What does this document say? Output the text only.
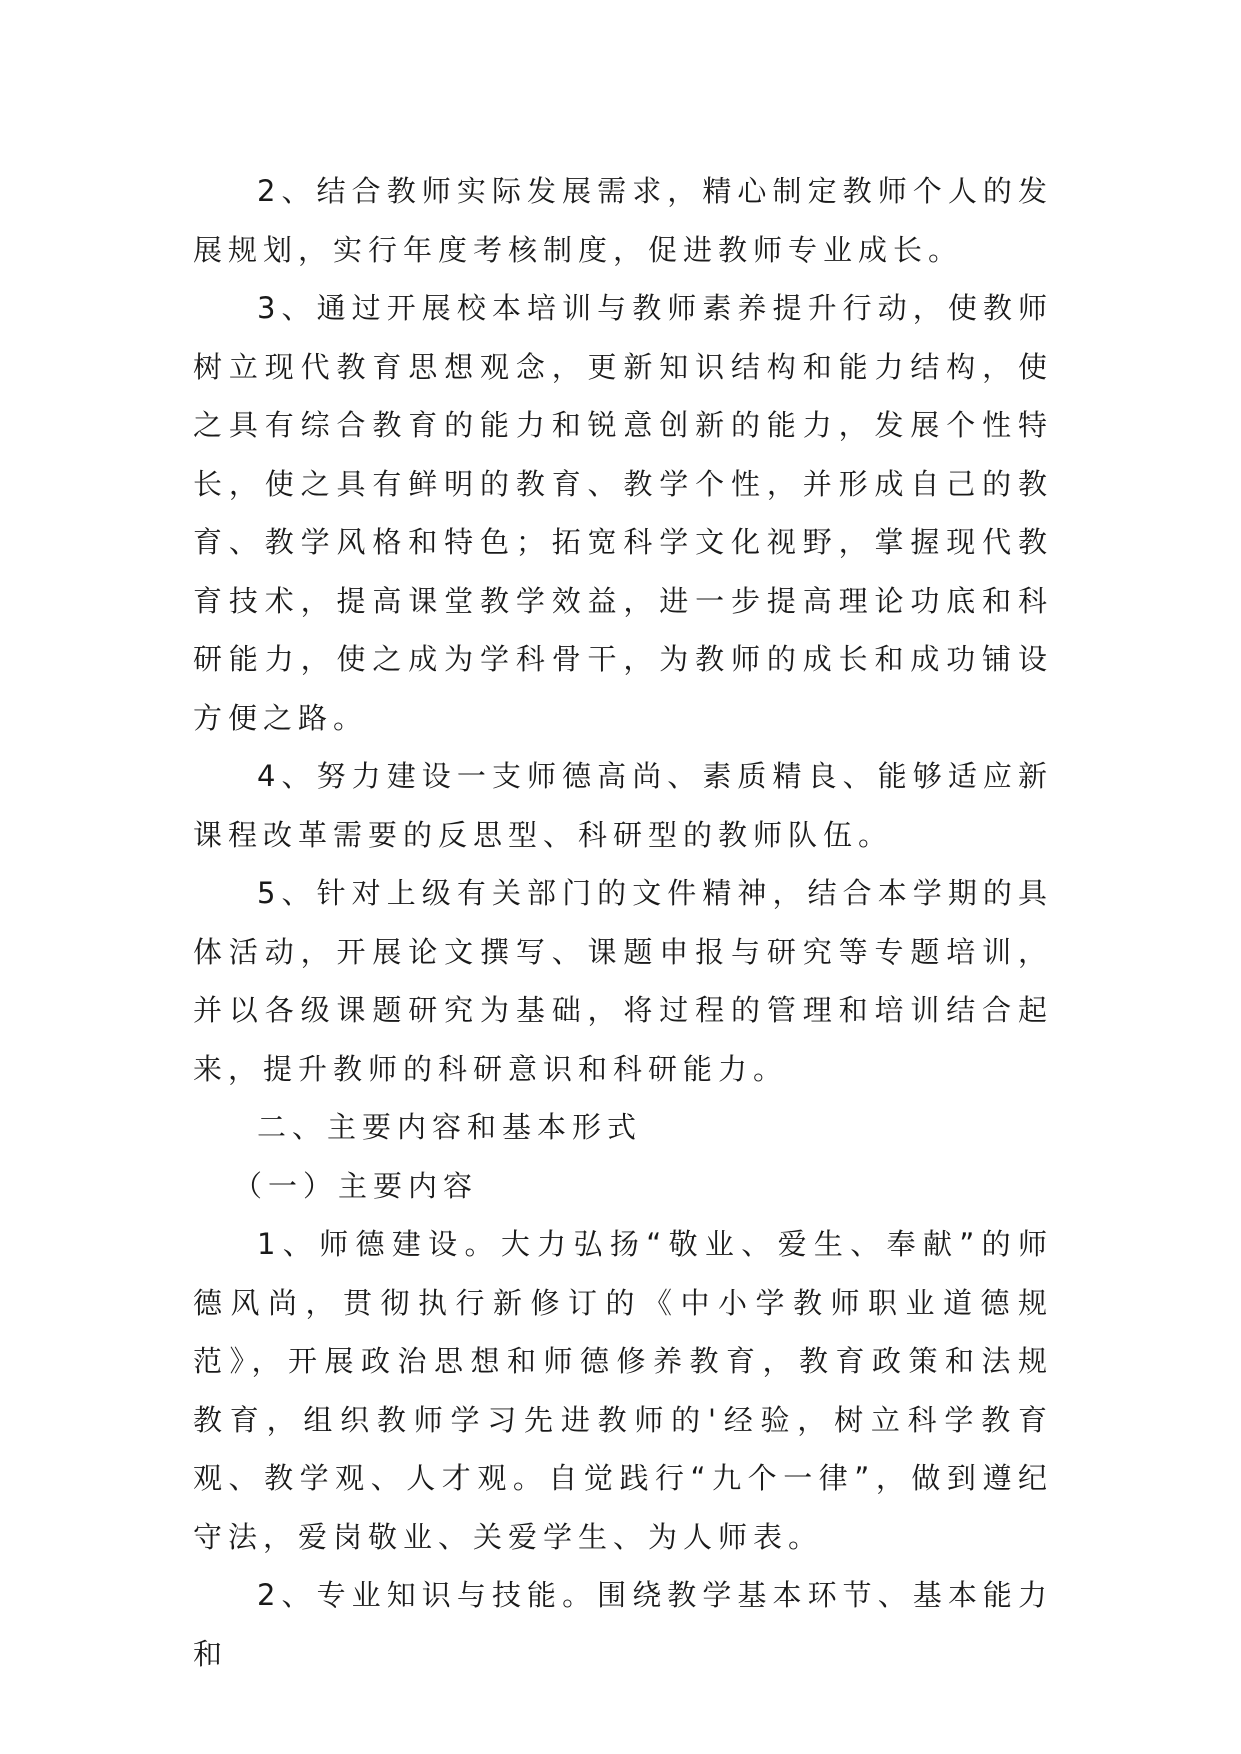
2、结合教师实际发展需求，精心制定教师个人的发展规划，实行年度考核制度，促进教师专业成长。

3、通过开展校本培训与教师素养提升行动，使教师树立现代教育思想观念，更新知识结构和能力结构，使之具有综合教育的能力和锐意创新的能力，发展个性特长，使之具有鲜明的教育、教学个性，并形成自己的教育、教学风格和特色；拓宽科学文化视野，掌握现代教育技术，提高课堂教学效益，进一步提高理论功底和科研能力，使之成为学科骨干，为教师的成长和成功铺设方便之路。

4、努力建设一支师德高尚、素质精良、能够适应新课程改革需要的反思型、科研型的教师队伍。

5、针对上级有关部门的文件精神，结合本学期的具体活动，开展论文撰写、课题申报与研究等专题培训，并以各级课题研究为基础，将过程的管理和培训结合起来，提升教师的科研意识和科研能力。

二、主要内容和基本形式

（一）主要内容

1、师德建设。大力弘扬“敬业、爱生、奉献”的师德风尚，贯彻执行新修订的《中小学教师职业道德规范》，开展政治思想和师德修养教育，教育政策和法规教育，组织教师学习先进教师的'经验，树立科学教育观、教学观、人才观。自觉践行“九个一律”，做到遵纪守法，爱岗敬业、关爱学生、为人师表。

2、专业知识与技能。围绕教学基本环节、基本能力和
